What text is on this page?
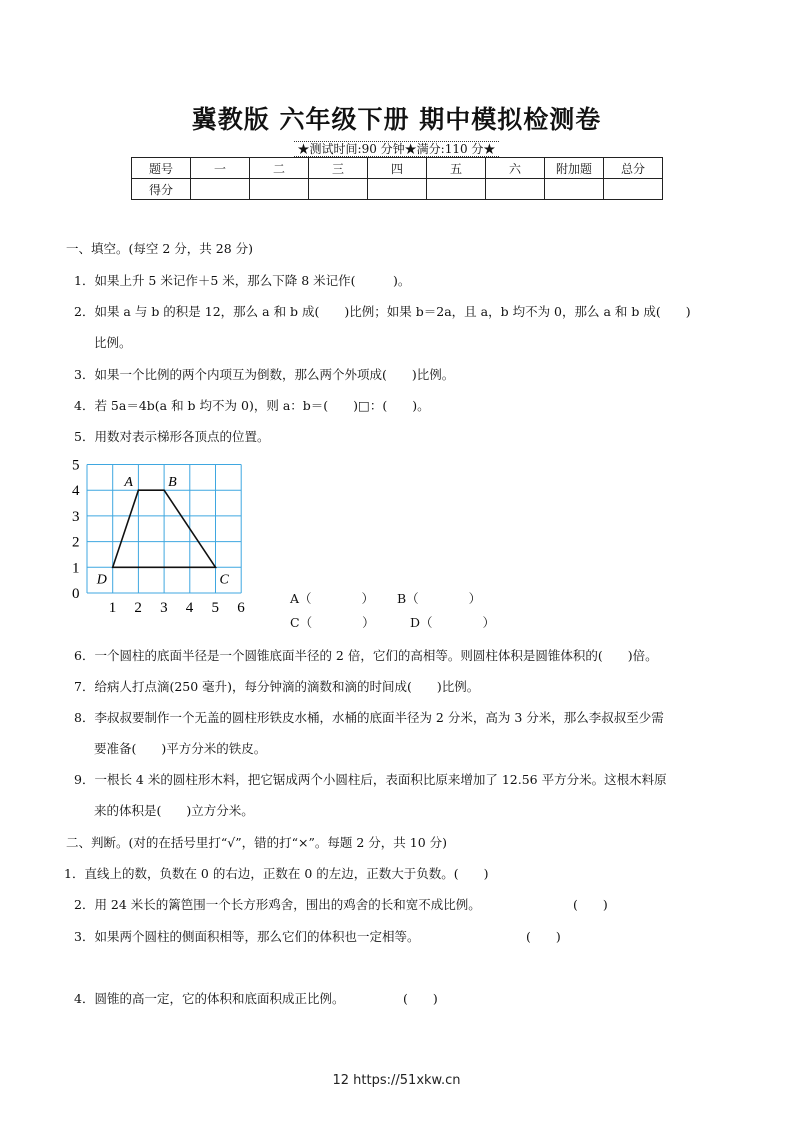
冀教版 六年级下册 期中模拟检测卷
★测试时间:90 分钟★满分:110 分★
题号	一	二	三	四	五	六	附加题	总分
得分								
一、填空。(每空 2 分，共 28 分)
1．如果上升 5 米记作＋5 米，那么下降 8 米记作(　　　)。
2．如果 a 与 b 的积是 12，那么 a 和 b 成(　　)比例；如果 b＝2a，且 a，b 均不为 0，那么 a 和 b 成(　　)
比例。
3．如果一个比例的两个内项互为倒数，那么两个外项成(　　)比例。
4．若 5a＝4b(a 和 b 均不为 0)，则 a：b＝(　　)□：(　　)。
5．用数对表示梯形各顶点的位置。
0
1 2 3 4 5 6
1
2
3
4
5
A	B
C
D
A（　　　　） B（　　　　）
C（　　　　）	D（　　　　）
6．一个圆柱的底面半径是一个圆锥底面半径的 2 倍，它们的高相等。则圆柱体积是圆锥体积的(　　)倍。
7．给病人打点滴(250 毫升)，每分钟滴的滴数和滴的时间成(　　)比例。
8．李叔叔要制作一个无盖的圆柱形铁皮水桶，水桶的底面半径为 2 分米，高为 3 分米，那么李叔叔至少需
要准备(　　)平方分米的铁皮。
9．一根长 4 米的圆柱形木料，把它锯成两个小圆柱后，表面积比原来增加了 12.56 平方分米。这根木料原
来的体积是(　　)立方分米。
二、判断。(对的在括号里打“√”，错的打“×”。每题 2 分，共 10 分)
1．直线上的数，负数在 0 的右边，正数在 0 的左边，正数大于负数。(　　)
2．用 24 米长的篱笆围一个长方形鸡舍，围出的鸡舍的长和宽不成比例。	(　　)
3．如果两个圆柱的侧面积相等，那么它们的体积也一定相等。	(　　)
4．圆锥的高一定，它的体积和底面积成正比例。	(　　)
12 https://51xkw.cn
